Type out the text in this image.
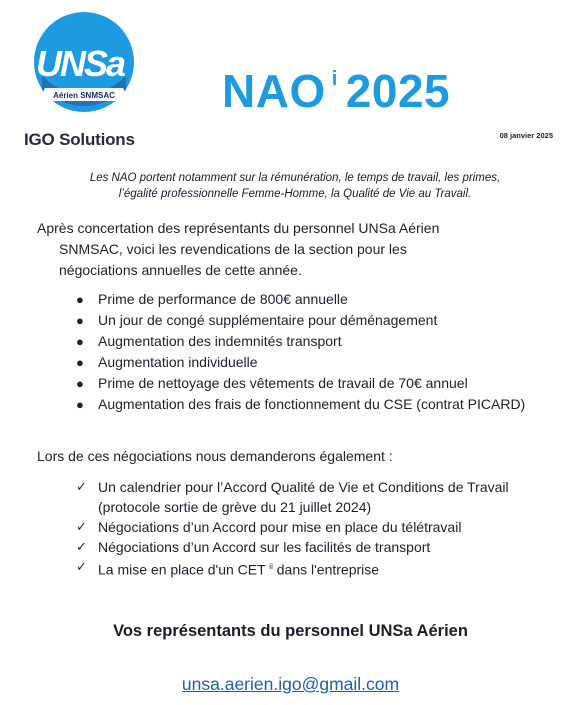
UNSa
Aérien SNMSAC
IGO Solutions
NAO $^i$ 2025
08 janvier 2025
Les NAO portent notamment sur la rémunération, le temps de travail, les primes,
l’égalité professionnelle Femme-Homme, la Qualité de Vie au Travail.
Après concertation des représentants du personnel UNSa Aérien
SNMSAC, voici les revendications de la section pour les
négociations annuelles de cette année.
● Prime de performance de 800€ annuelle
● Un jour de congé supplémentaire pour déménagement
● Augmentation des indemnités transport
● Augmentation individuelle
● Prime de nettoyage des vêtements de travail de 70€ annuel
● Augmentation des frais de fonctionnement du CSE (contrat PICARD)
Lors de ces négociations nous demanderons également :
✓ Un calendrier pour l’Accord Qualité de Vie et Conditions de Travail (protocole sortie de grève du 21 juillet 2024)
✓ Négociations d’un Accord pour mise en place du télétravail
✓ Négociations d’un Accord sur les facilités de transport
✓ La mise en place d'un CET $^{ii}$ dans l'entreprise
Vos représentants du personnel UNSa Aérien
unsa.aerien.igo@gmail.com
